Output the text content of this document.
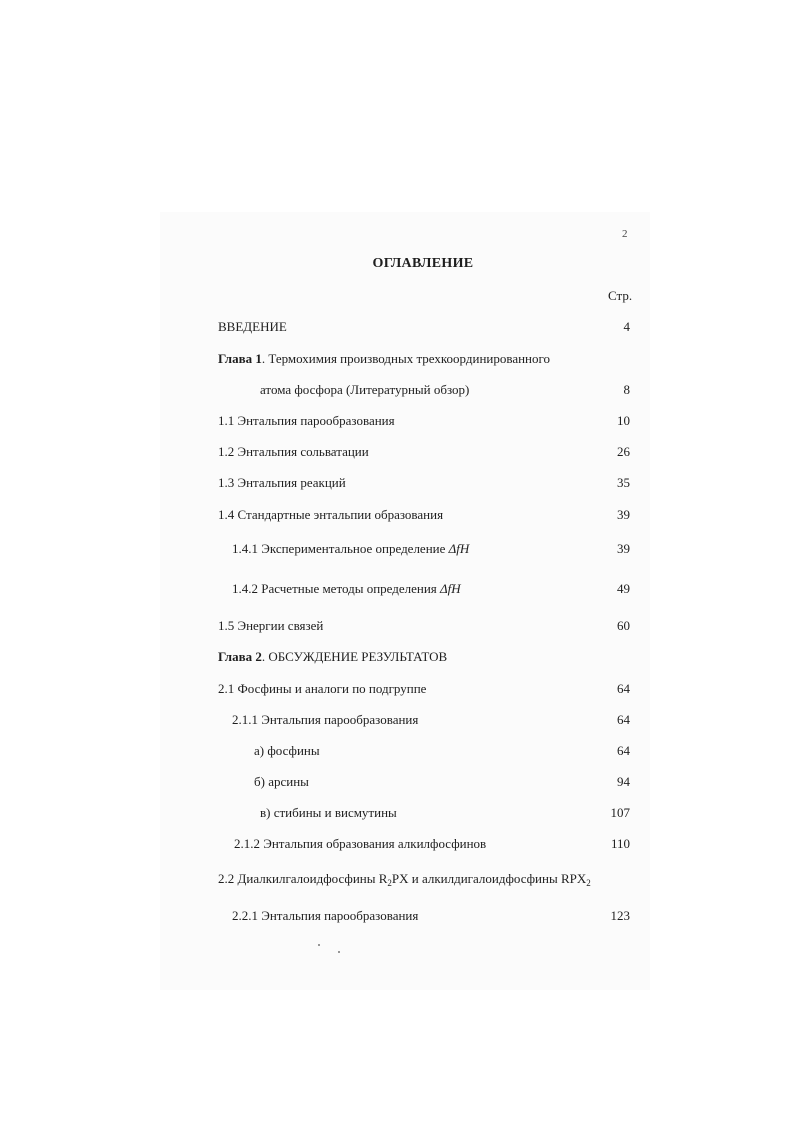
2
ОГЛАВЛЕНИЕ
Стр.
ВВЕДЕНИЕ	4
Глава 1. Термохимия производных трехкоординированного
атома фосфора (Литературный обзор)	8
1.1 Энтальпия парообразования	10
1.2 Энтальпия сольватации	26
1.3 Энтальпия реакций	35
1.4 Стандартные энтальпии образования	39
1.4.1 Экспериментальное определение ΔfH	39
1.4.2 Расчетные методы определения ΔfH	49
1.5 Энергии связей	60
Глава 2. ОБСУЖДЕНИЕ РЕЗУЛЬТАТОВ
2.1 Фосфины и аналоги по подгруппе	64
2.1.1 Энтальпия парообразования	64
а) фосфины	64
б) арсины	94
в) стибины и висмутины	107
2.1.2 Энтальпия образования алкилфосфинов	110
2.2 Диалкилгалоидфосфины $R_2PX$ и алкилдигалоидфосфины $RPX_2$
2.2.1 Энтальпия парообразования	123
